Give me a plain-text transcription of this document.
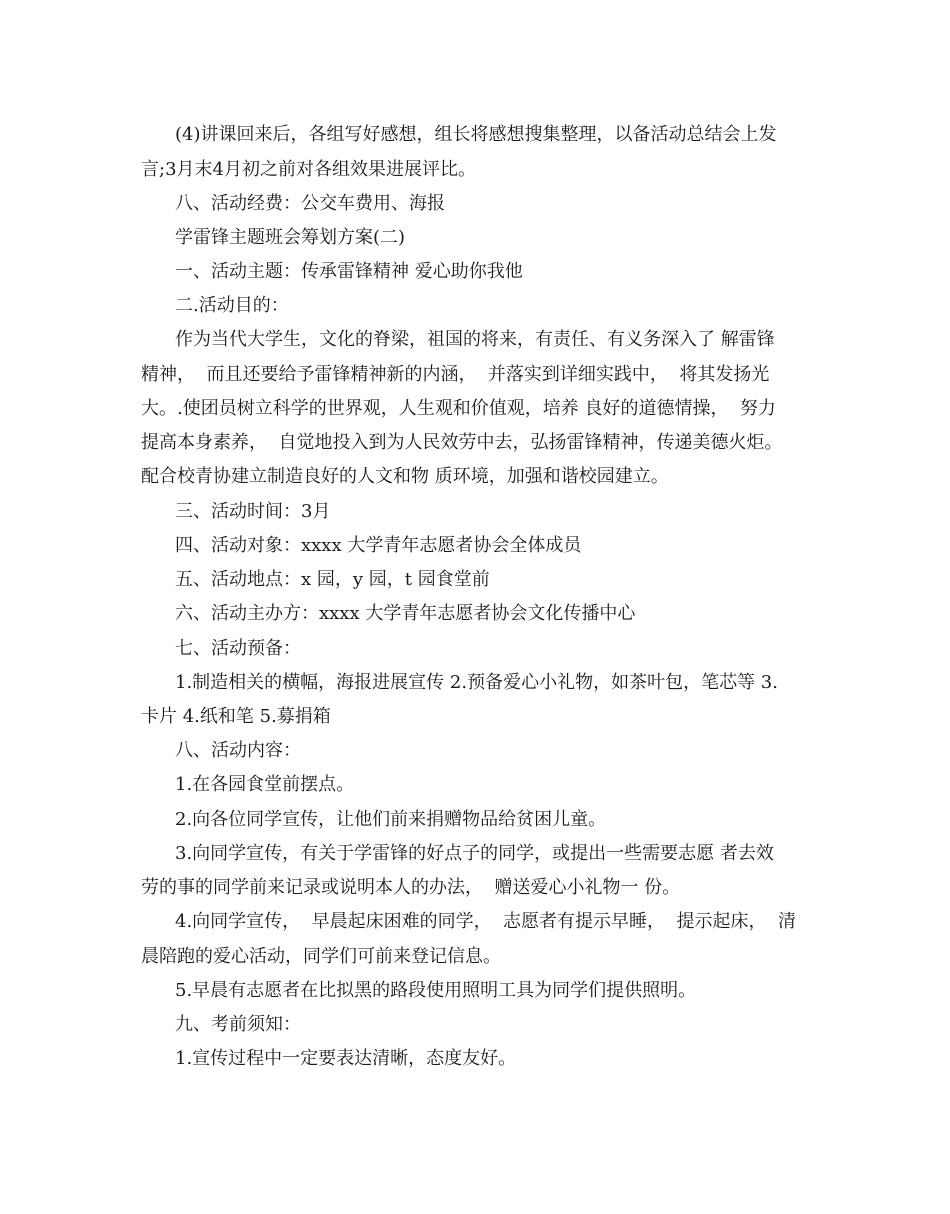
(4)讲课回来后，各组写好感想，组长将感想搜集整理，以备活动总结会上发
言;3月末4月初之前对各组效果进展评比。
八、活动经费：公交车费用、海报
学雷锋主题班会筹划方案(二)
一、活动主题：传承雷锋精神 爱心助你我他
二.活动目的：
作为当代大学生，文化的脊梁，祖国的将来，有责任、有义务深入了 解雷锋
精神，  而且还要给予雷锋精神新的内涵，  并落实到详细实践中，  将其发扬光
大。.使团员树立科学的世界观，人生观和价值观，培养 良好的道德情操，  努力
提高本身素养，  自觉地投入到为人民效劳中去，弘扬雷锋精神，传递美德火炬。
配合校青协建立制造良好的人文和物 质环境，加强和谐校园建立。
三、活动时间：3月
四、活动对象：xxxx 大学青年志愿者协会全体成员
五、活动地点：x 园，y 园，t 园食堂前
六、活动主办方：xxxx 大学青年志愿者协会文化传播中心
七、活动预备：
1.制造相关的横幅，海报进展宣传 2.预备爱心小礼物，如茶叶包，笔芯等 3.
卡片 4.纸和笔 5.募捐箱
八、活动内容：
1.在各园食堂前摆点。
2.向各位同学宣传，让他们前来捐赠物品给贫困儿童。
3.向同学宣传，有关于学雷锋的好点子的同学，或提出一些需要志愿 者去效
劳的事的同学前来记录或说明本人的办法，  赠送爱心小礼物一 份。
4.向同学宣传，  早晨起床困难的同学，  志愿者有提示早睡，  提示起床，  清
晨陪跑的爱心活动，同学们可前来登记信息。
5.早晨有志愿者在比拟黑的路段使用照明工具为同学们提供照明。
九、考前须知：
1.宣传过程中一定要表达清晰，态度友好。
